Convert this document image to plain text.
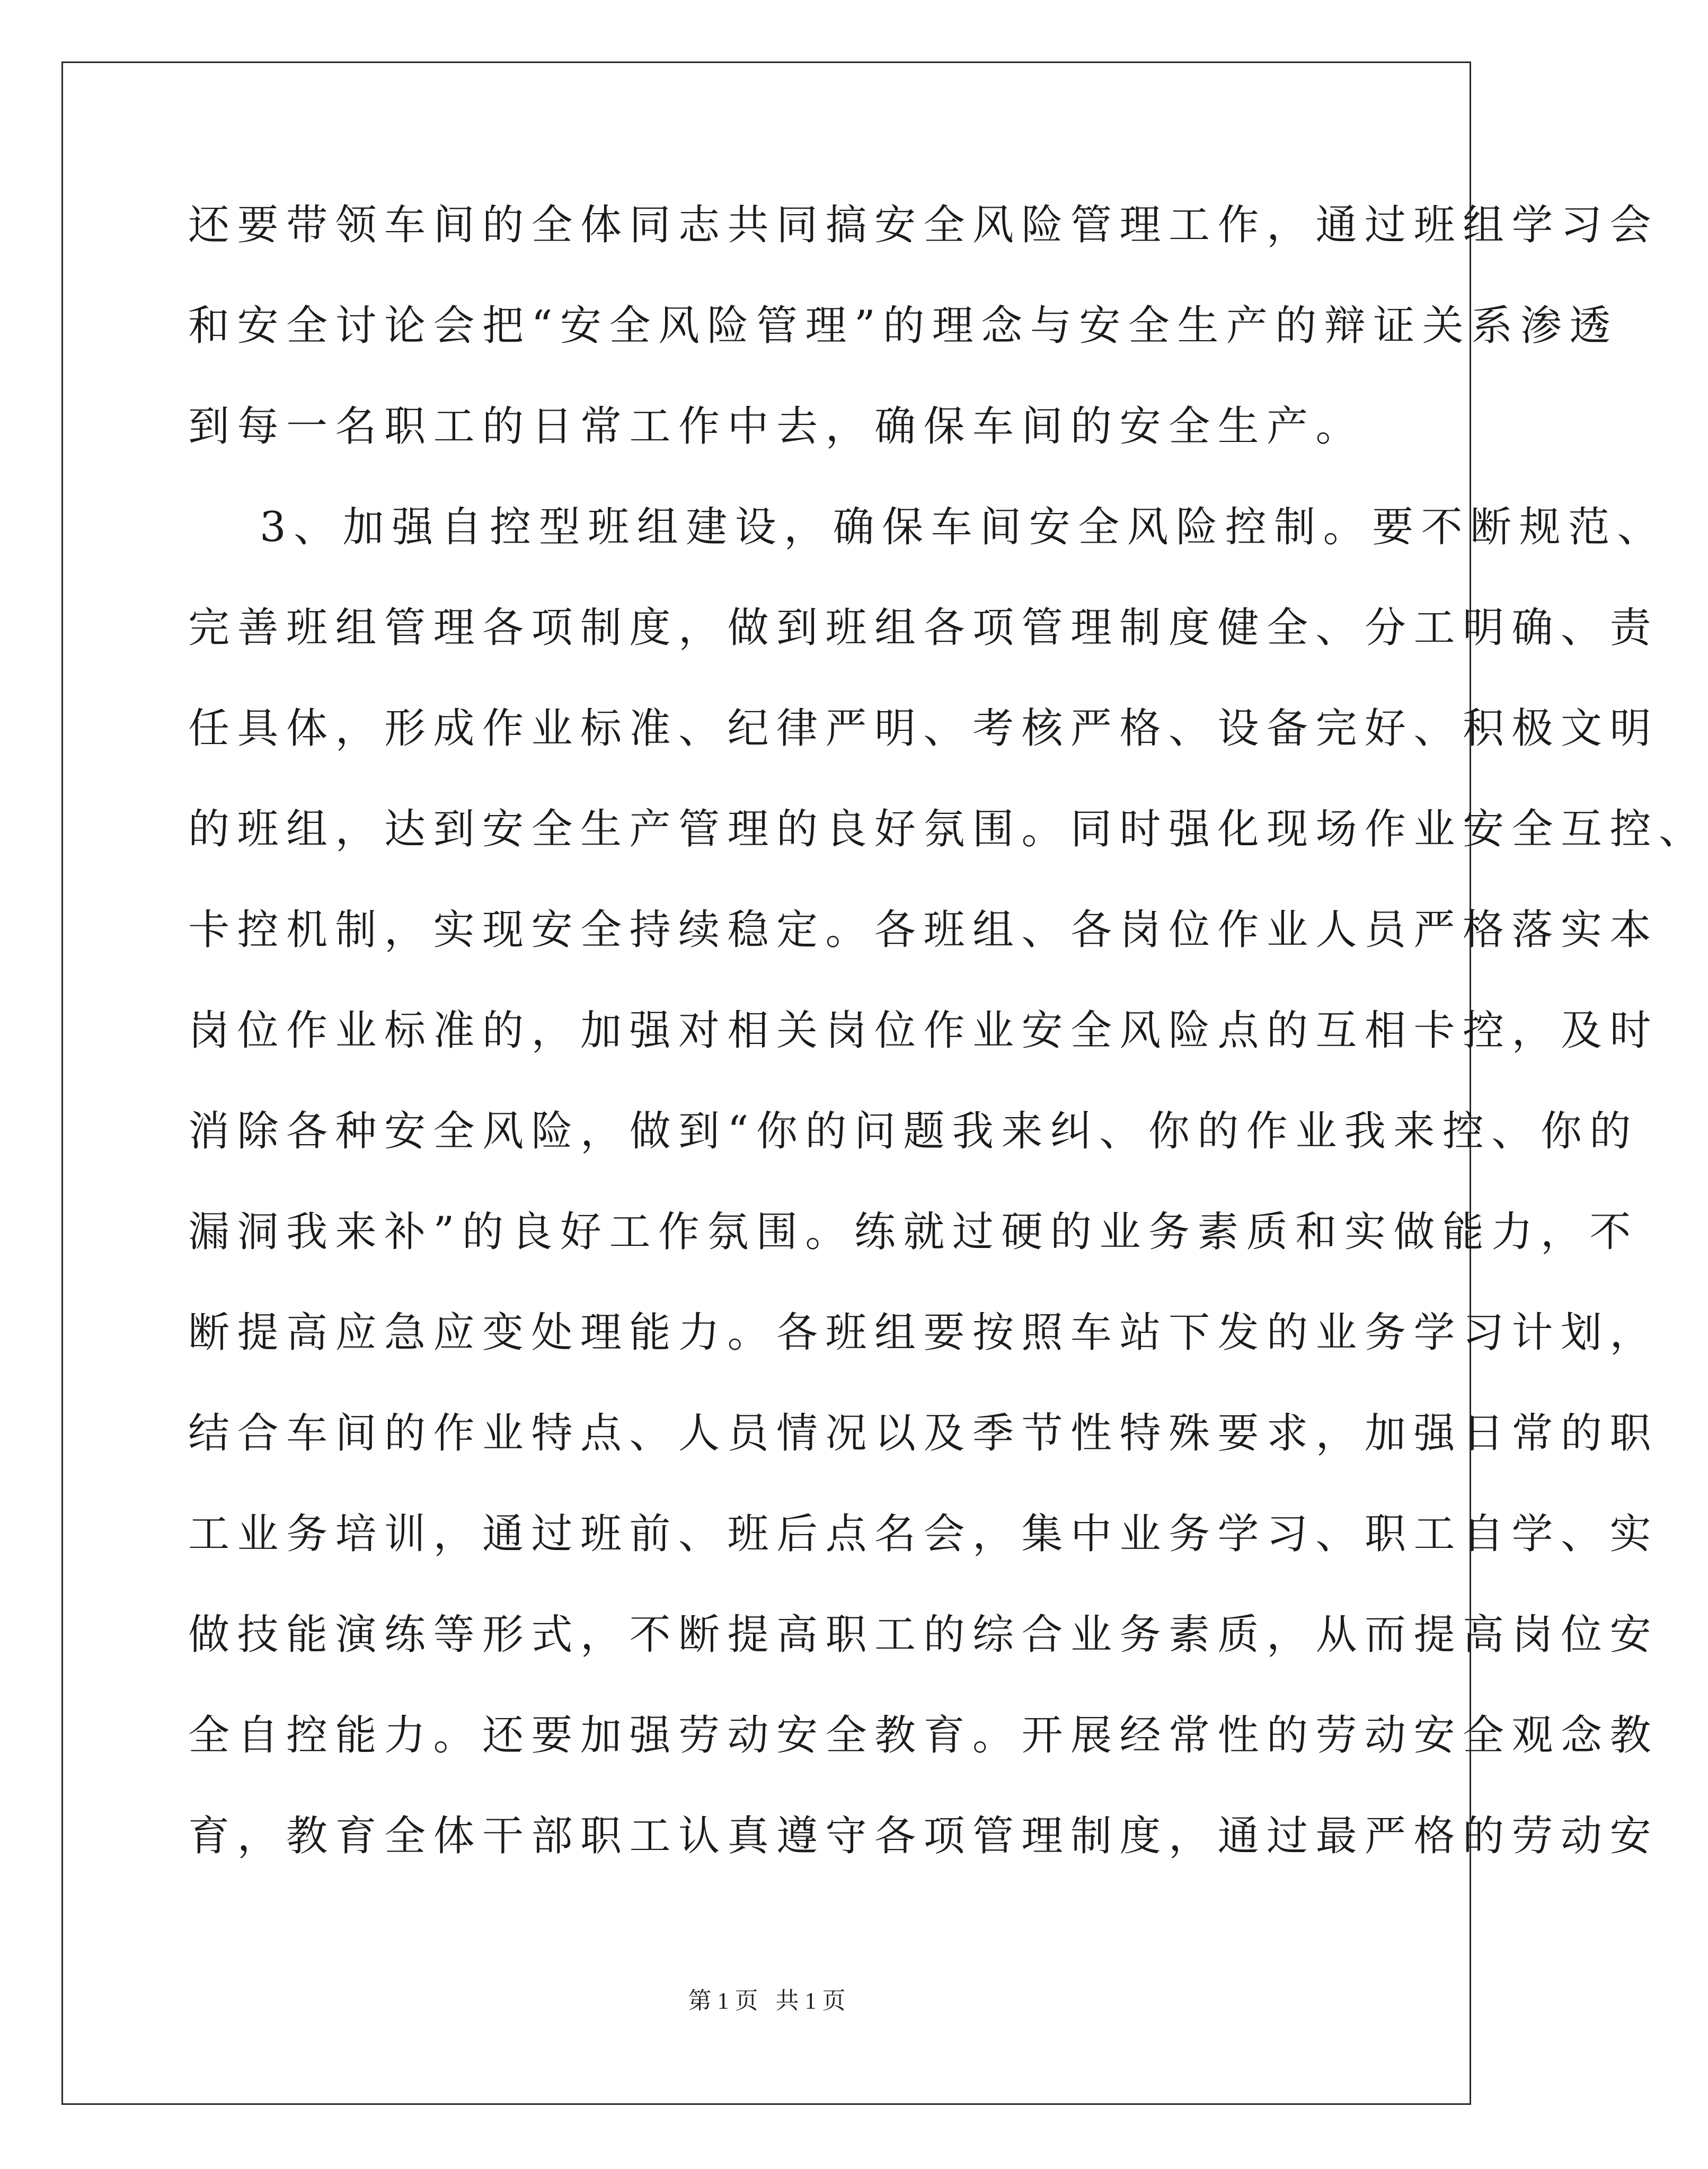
还要带领车间的全体同志共同搞安全风险管理工作，通过班组学习会
和安全讨论会把“安全风险管理”的理念与安全生产的辩证关系渗透
到每一名职工的日常工作中去，确保车间的安全生产。
3、加强自控型班组建设，确保车间安全风险控制。要不断规范、
完善班组管理各项制度，做到班组各项管理制度健全、分工明确、责
任具体，形成作业标准、纪律严明、考核严格、设备完好、积极文明
的班组，达到安全生产管理的良好氛围。同时强化现场作业安全互控、
卡控机制，实现安全持续稳定。各班组、各岗位作业人员严格落实本
岗位作业标准的，加强对相关岗位作业安全风险点的互相卡控，及时
消除各种安全风险，做到“你的问题我来纠、你的作业我来控、你的
漏洞我来补”的良好工作氛围。练就过硬的业务素质和实做能力，不
断提高应急应变处理能力。各班组要按照车站下发的业务学习计划，
结合车间的作业特点、人员情况以及季节性特殊要求，加强日常的职
工业务培训，通过班前、班后点名会，集中业务学习、职工自学、实
做技能演练等形式，不断提高职工的综合业务素质，从而提高岗位安
全自控能力。还要加强劳动安全教育。开展经常性的劳动安全观念教
育，教育全体干部职工认真遵守各项管理制度，通过最严格的劳动安
第 1 页   共 1 页
